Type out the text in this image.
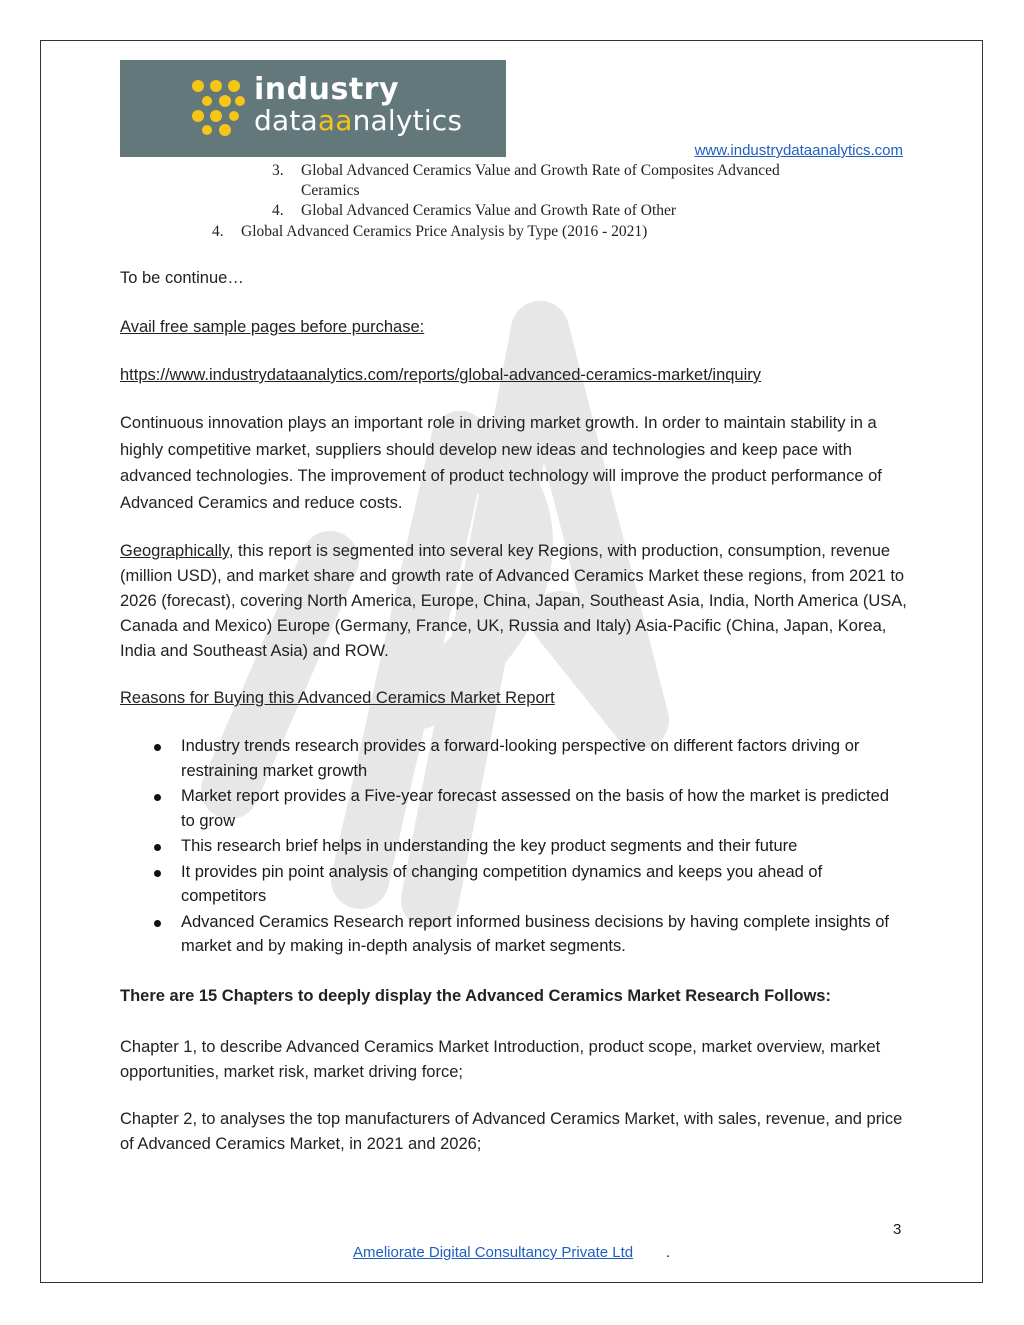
industry
dataaanalytics
www.industrydataanalytics.com
3. Global Advanced Ceramics Value and Growth Rate of Composites Advanced
Ceramics
4. Global Advanced Ceramics Value and Growth Rate of Other
4. Global Advanced Ceramics Price Analysis by Type (2016 - 2021)
To be continue…
Avail free sample pages before purchase:
https://www.industrydataanalytics.com/reports/global-advanced-ceramics-market/inquiry
Continuous innovation plays an important role in driving market growth. In order to maintain stability in a highly competitive market, suppliers should develop new ideas and technologies and keep pace with advanced technologies. The improvement of product technology will improve the product performance of Advanced Ceramics and reduce costs.
Geographically, this report is segmented into several key Regions, with production, consumption, revenue (million USD), and market share and growth rate of Advanced Ceramics Market these regions, from 2021 to 2026 (forecast), covering North America, Europe, China, Japan, Southeast Asia, India, North America (USA, Canada and Mexico) Europe (Germany, France, UK, Russia and Italy) Asia-Pacific (China, Japan, Korea, India and Southeast Asia) and ROW.
Reasons for Buying this Advanced Ceramics Market Report
Industry trends research provides a forward-looking perspective on different factors driving or restraining market growth
Market report provides a Five-year forecast assessed on the basis of how the market is predicted to grow
This research brief helps in understanding the key product segments and their future
It provides pin point analysis of changing competition dynamics and keeps you ahead of competitors
Advanced Ceramics Research report informed business decisions by having complete insights of market and by making in-depth analysis of market segments.
There are 15 Chapters to deeply display the Advanced Ceramics Market Research Follows:
Chapter 1, to describe Advanced Ceramics Market Introduction, product scope, market overview, market opportunities, market risk, market driving force;
Chapter 2, to analyses the top manufacturers of Advanced Ceramics Market, with sales, revenue, and price of Advanced Ceramics Market, in 2021 and 2026;
3
Ameliorate Digital Consultancy Private Ltd .
